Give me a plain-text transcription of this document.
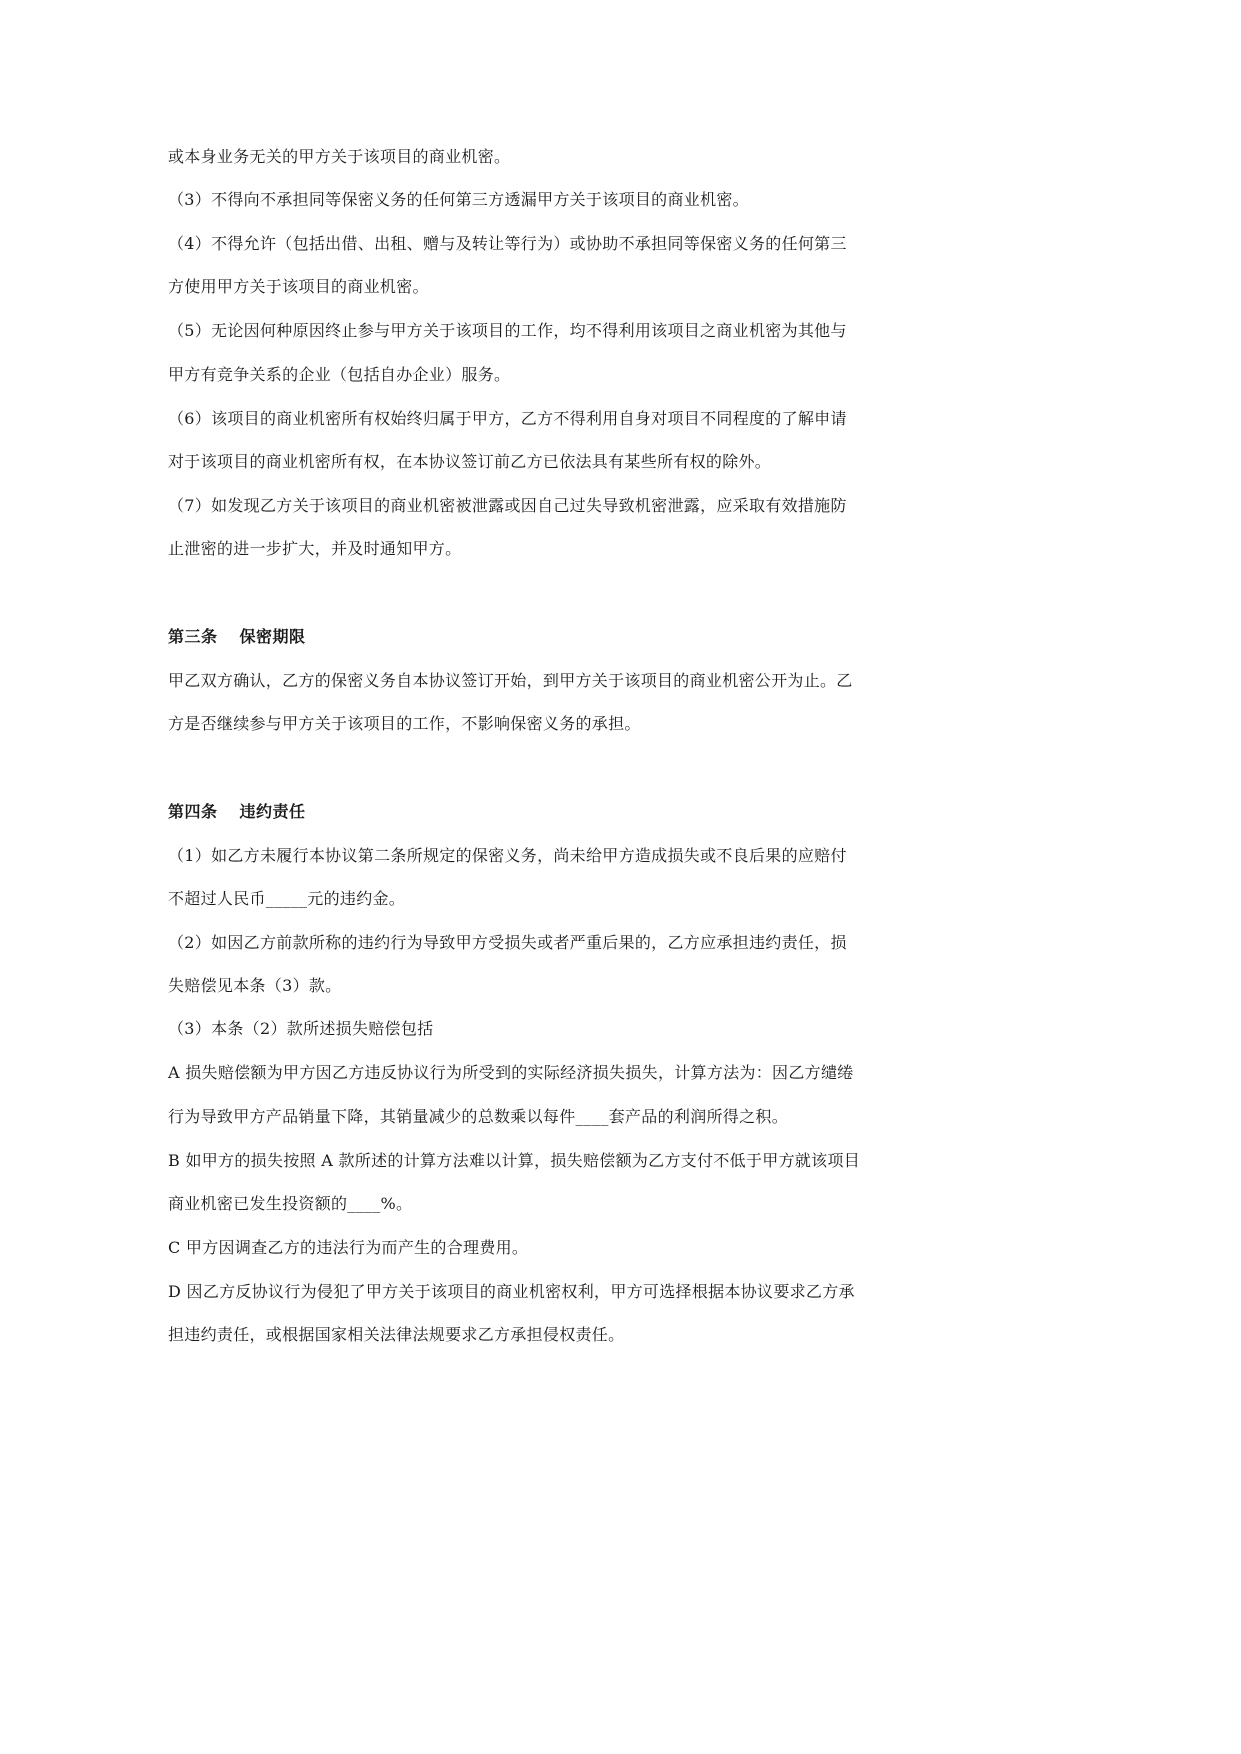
或本身业务无关的甲方关于该项目的商业机密。
（3）不得向不承担同等保密义务的任何第三方透漏甲方关于该项目的商业机密。
（4）不得允许（包括出借、出租、赠与及转让等行为）或协助不承担同等保密义务的任何第三
方使用甲方关于该项目的商业机密。
（5）无论因何种原因终止参与甲方关于该项目的工作，均不得利用该项目之商业机密为其他与
甲方有竞争关系的企业（包括自办企业）服务。
（6）该项目的商业机密所有权始终归属于甲方，乙方不得利用自身对项目不同程度的了解申请
对于该项目的商业机密所有权，在本协议签订前乙方已依法具有某些所有权的除外。
（7）如发现乙方关于该项目的商业机密被泄露或因自己过失导致机密泄露，应采取有效措施防
止泄密的进一步扩大，并及时通知甲方。
第三条 保密期限
甲乙双方确认，乙方的保密义务自本协议签订开始，到甲方关于该项目的商业机密公开为止。乙
方是否继续参与甲方关于该项目的工作，不影响保密义务的承担。
第四条 违约责任
（1）如乙方未履行本协议第二条所规定的保密义务，尚未给甲方造成损失或不良后果的应赔付
不超过人民币_____元的违约金。
（2）如因乙方前款所称的违约行为导致甲方受损失或者严重后果的，乙方应承担违约责任，损
失赔偿见本条（3）款。
（3）本条（2）款所述损失赔偿包括
A 损失赔偿额为甲方因乙方违反协议行为所受到的实际经济损失损失，计算方法为：因乙方缱绻
行为导致甲方产品销量下降，其销量减少的总数乘以每件____套产品的利润所得之积。
B 如甲方的损失按照 A 款所述的计算方法难以计算，损失赔偿额为乙方支付不低于甲方就该项目
商业机密已发生投资额的____%。
C 甲方因调查乙方的违法行为而产生的合理费用。
D 因乙方反协议行为侵犯了甲方关于该项目的商业机密权利，甲方可选择根据本协议要求乙方承
担违约责任，或根据国家相关法律法规要求乙方承担侵权责任。
